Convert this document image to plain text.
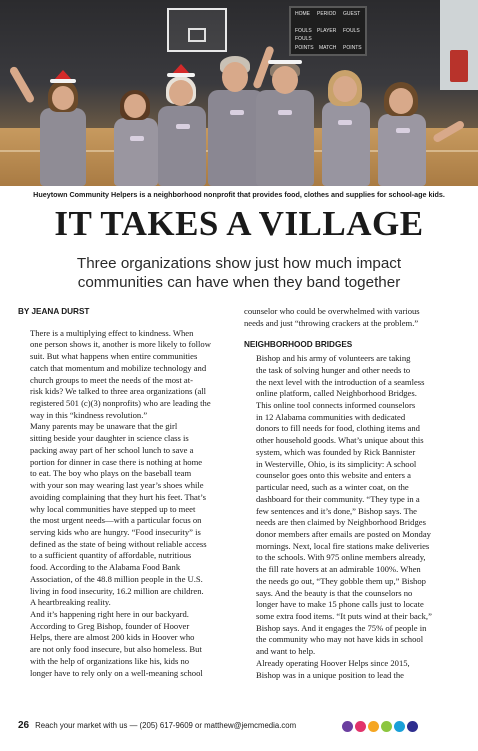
HOME PERIOD GUEST
FOULS PLAYER FOULS
FOULS
POINTS MATCH POINTS
Hueytown Community Helpers is a neighborhood nonprofit that provides food, clothes and supplies for school-age kids.
IT TAKES A VILLAGE
Three organizations show just how much impact communities can have when they band together

BY JEANA DURST

There is a multiplying effect to kindness. When
one person shows it, another is more likely to follow
suit. But what happens when entire communities
catch that momentum and mobilize technology and
church groups to meet the needs of the most at-
risk kids? We talked to three area organizations (all
registered 501 (c)(3) nonprofits) who are leading the
way in this “kindness revolution.”

Many parents may be unaware that the girl
sitting beside your daughter in science class is
packing away part of her school lunch to save a
portion for dinner in case there is nothing at home
to eat. The boy who plays on the baseball team
with your son may wearing last year’s shoes while
avoiding complaining that they hurt his feet. That’s
why local communities have stepped up to meet
the most urgent needs—with a particular focus on
serving kids who are hungry. “Food insecurity” is
defined as the state of being without reliable access
to a sufficient quantity of affordable, nutritious
food. According to the Alabama Food Bank
Association, of the 48.8 million people in the U.S.
living in food insecurity, 16.2 million are children.
A heartbreaking reality.

And it’s happening right here in our backyard.
According to Greg Bishop, founder of Hoover
Helps, there are almost 200 kids in Hoover who
are not only food insecure, but also homeless. But
with the help of organizations like his, kids no
longer have to rely only on a well-meaning school

counselor who could be overwhelmed with various
needs and just “throwing crackers at the problem.”

NEIGHBORHOOD BRIDGES

Bishop and his army of volunteers are taking
the task of solving hunger and other needs to
the next level with the introduction of a seamless
online platform, called Neighborhood Bridges.
This online tool connects informed counselors
in 12 Alabama communities with dedicated
donors to fill needs for food, clothing items and
other household goods. What’s unique about this
system, which was founded by Rick Bannister
in Westerville, Ohio, is its simplicity: A school
counselor goes onto this website and enters a
particular need, such as a winter coat, on the
dashboard for their community. “They type in a
few sentences and it’s done,” Bishop says. The
needs are then claimed by Neighborhood Bridges
donor members after emails are posted on Monday
mornings. Next, local fire stations make deliveries
to the schools. With 975 online members already,
the fill rate hovers at an admirable 100%. When
the needs go out, “They gobble them up,” Bishop
says. And the beauty is that the counselors no
longer have to make 15 phone calls just to locate
some extra food items. “It puts wind at their back,”
Bishop says. And it engages the 75% of people in
the community who may not have kids in school
and want to help.

Already operating Hoover Helps since 2015,
Bishop was in a unique position to lead the

26 Reach your market with us — (205) 617-9609 or matthew@jemcmedia.com
